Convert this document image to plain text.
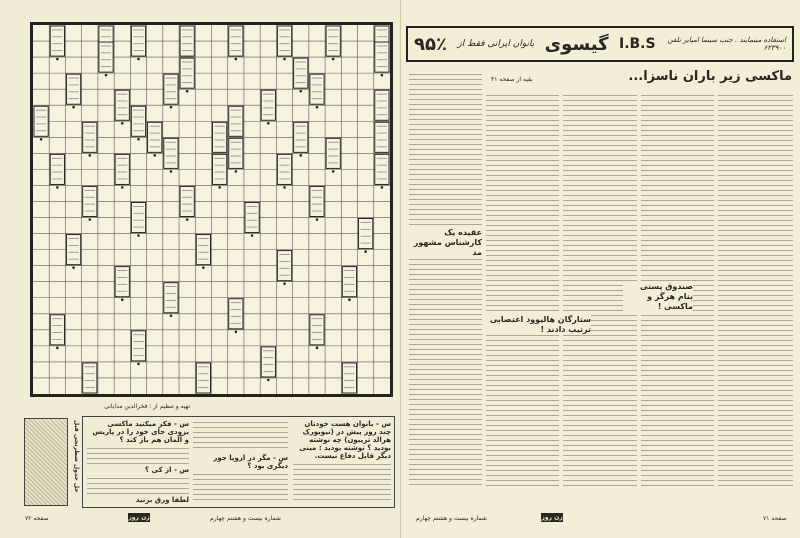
تهیه و تنظیم از : فخرالدین مدایانی
حل جدول شطرنجی قبل	س - بانوان هست خودتان چند روز پیش در (نیویورک هرالد تریبون) چه نوشته بودید ؟ نوشته بودید : مینی دیگر قابل دفاع نیست.
س - مگر در اروپا جور دیگری بود ؟
س - فکر میکنید ماکسی بزودی جای خود را در پاریس و آلمان هم باز کند ؟
س - از کی ؟
لطفا ورق بزنید
صفحه ۷۲	زن روز	شماره بیست و هشتم چهارم
۹۵٪ بانوان ایرانی فقط از گیسوی I.B.S استفاده مینمایند . جنب سینما امپایر تلفن ۶۲۳۹۰۰
ماکسی زیر باران ناسزا...
بقیه از صفحه ۴۱
عقیده یک کارشناس مشهور مد
صندوق پستی بنام هرگز و ماکسی !
ستارگان هالیوود اعتصابی ترتیب دادند !
شماره بیست و هشتم چهارم	زن روز	صفحه ۷۱
